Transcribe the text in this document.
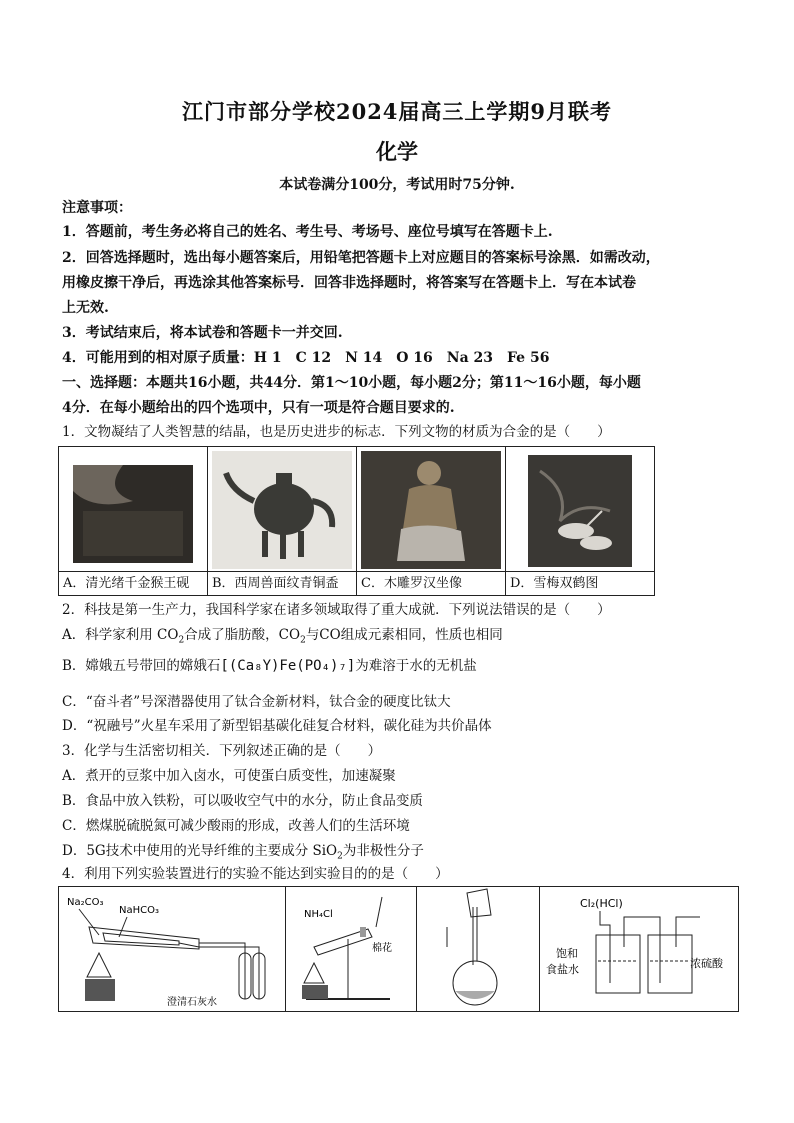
江门市部分学校2024届高三上学期9月联考
化学
本试卷满分100分，考试用时75分钟.
注意事项：
1．答题前，考生务必将自己的姓名、考生号、考场号、座位号填写在答题卡上.
2．回答选择题时，选出每小题答案后，用铅笔把答题卡上对应题目的答案标号涂黑．如需改动，
用橡皮擦干净后，再选涂其他答案标号．回答非选择题时，将答案写在答题卡上．写在本试卷
上无效.
3．考试结束后，将本试卷和答题卡一并交回.
4．可能用到的相对原子质量：H 1　C 12　N 14　O 16　Na 23　Fe 56
一、选择题：本题共16小题，共44分．第1～10小题，每小题2分；第11～16小题，每小题
4分．在每小题给出的四个选项中，只有一项是符合题目要求的.
1．文物凝结了人类智慧的结晶，也是历史进步的标志．下列文物的材质为合金的是（　　）
A．清光绪千金猴王砚	B．西周兽面纹青铜盉	C．木雕罗汉坐像	D．雪梅双鹤图
2．科技是第一生产力，我国科学家在诸多领域取得了重大成就．下列说法错误的是（　　）
A．科学家利用 $CO_2$合成了脂肪酸，$CO_2$与CO组成元素相同，性质也相同
B．嫦娥五号带回的嫦娥石[(Ca₈Y)Fe(PO₄)₇]为难溶于水的无机盐
C．“奋斗者”号深潜器使用了钛合金新材料，钛合金的硬度比钛大
D．“祝融号”火星车采用了新型铝基碳化硅复合材料，碳化硅为共价晶体
3．化学与生活密切相关．下列叙述正确的是（　　）
A．煮开的豆浆中加入卤水，可使蛋白质变性，加速凝聚
B．食品中放入铁粉，可以吸收空气中的水分，防止食品变质
C．燃煤脱硫脱氮可减少酸雨的形成，改善人们的生活环境
D．5G技术中使用的光导纤维的主要成分 SiO$_2$为非极性分子
4．利用下列实验装置进行的实验不能达到实验目的的是（　　）
Na₂CO₃
NaHCO₃
澄清石灰水

NH₄Cl
棉花

Cl₂(HCl)
饱和
食盐水	浓硫酸
